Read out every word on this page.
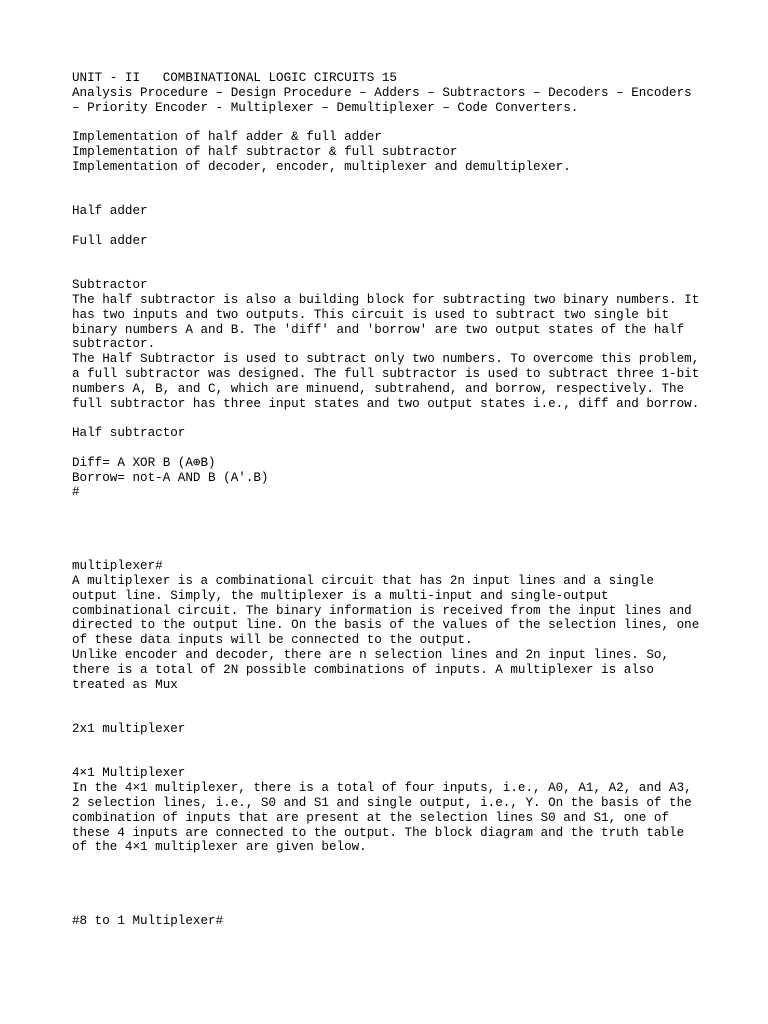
UNIT - II   COMBINATIONAL LOGIC CIRCUITS 15
Analysis Procedure – Design Procedure – Adders – Subtractors – Decoders – Encoders
– Priority Encoder - Multiplexer – Demultiplexer – Code Converters.
Implementation of half adder & full adder
Implementation of half subtractor & full subtractor
Implementation of decoder, encoder, multiplexer and demultiplexer.
Half adder
Full adder
Subtractor
The half subtractor is also a building block for subtracting two binary numbers. It
has two inputs and two outputs. This circuit is used to subtract two single bit
binary numbers A and B. The 'diff' and 'borrow' are two output states of the half
subtractor.
The Half Subtractor is used to subtract only two numbers. To overcome this problem,
a full subtractor was designed. The full subtractor is used to subtract three 1-bit
numbers A, B, and C, which are minuend, subtrahend, and borrow, respectively. The
full subtractor has three input states and two output states i.e., diff and borrow.
Half subtractor
Diff= A XOR B (A⊕B)
Borrow= not-A AND B (A'.B)
#
multiplexer#
A multiplexer is a combinational circuit that has 2n input lines and a single
output line. Simply, the multiplexer is a multi-input and single-output
combinational circuit. The binary information is received from the input lines and
directed to the output line. On the basis of the values of the selection lines, one
of these data inputs will be connected to the output.
Unlike encoder and decoder, there are n selection lines and 2n input lines. So,
there is a total of 2N possible combinations of inputs. A multiplexer is also
treated as Mux
2x1 multiplexer
4×1 Multiplexer
In the 4×1 multiplexer, there is a total of four inputs, i.e., A0, A1, A2, and A3,
2 selection lines, i.e., S0 and S1 and single output, i.e., Y. On the basis of the
combination of inputs that are present at the selection lines S0 and S1, one of
these 4 inputs are connected to the output. The block diagram and the truth table
of the 4×1 multiplexer are given below.
#8 to 1 Multiplexer#
